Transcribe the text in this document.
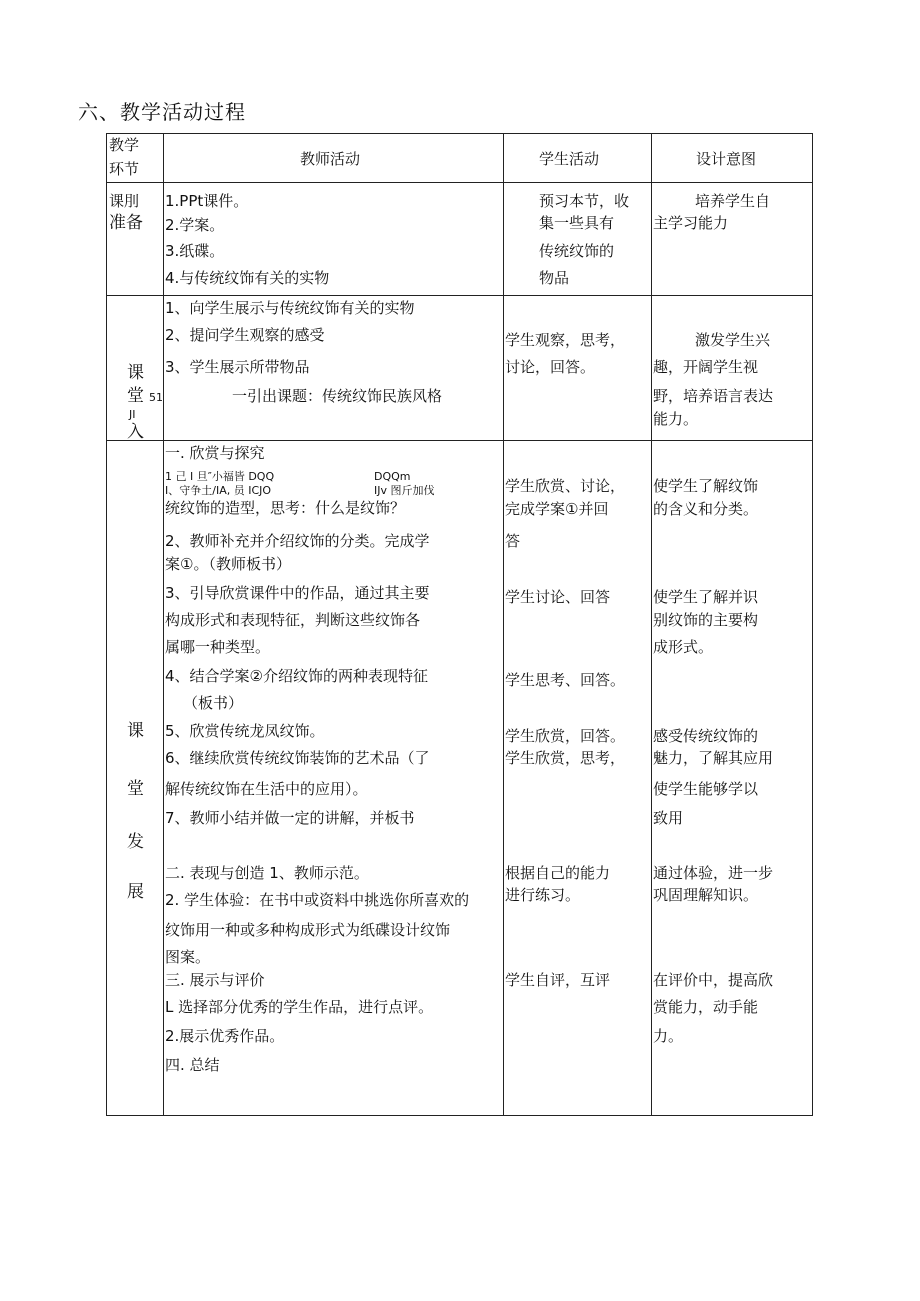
六、教学活动过程
教学
环节
教师活动	学生活动	设计意图
课刖
准备
1.PPt课件。
2.学案。
3.纸碟。
4.与传统纹饰有关的实物
预习本节，收
集一些具有
传统纹饰的
物品
培养学生自
主学习能力
课
堂 51
JI
入
1、向学生展示与传统纹饰有关的实物
2、提问学生观察的感受
3、学生展示所带物品
一引出课题：传统纹饰民族风格
学生观察，思考，
讨论，回答。
激发学生兴
趣，开阔学生视
野，培养语言表达
能力。
课
堂
发
展
一. 欣赏与探究
1 己 I 旦″小福皆 DQQ
I、守争土/IA, 员 ICJO
DQQm
IJv 图斤加伐
统纹饰的造型，思考：什么是纹饰？
2、教师补充并介绍纹饰的分类。完成学
案①。（教师板书）
3、引导欣赏课件中的作品，通过其主要
构成形式和表现特征，判断这些纹饰各
属哪一种类型。
4、结合学案②介绍纹饰的两种表现特征
（板书）
5、欣赏传统龙凤纹饰。
6、继续欣赏传统纹饰装饰的艺术品（了
解传统纹饰在生活中的应用）。
7、教师小结并做一定的讲解，并板书
二. 表现与创造 1、教师示范。
2. 学生体验：在书中或资料中挑选你所喜欢的
纹饰用一种或多种构成形式为纸碟设计纹饰
图案。
三. 展示与评价
L 选择部分优秀的学生作品，进行点评。
2.展示优秀作品。
四. 总结
学生欣赏、讨论，
完成学案①并回
答
学生讨论、回答
学生思考、回答。
学生欣赏，回答。
学生欣赏，思考，
根据自己的能力
进行练习。
学生自评，互评
使学生了解纹饰
的含义和分类。
使学生了解并识
别纹饰的主要构
成形式。
感受传统纹饰的
魅力，了解其应用
使学生能够学以
致用
通过体验，进一步
巩固理解知识。
在评价中，提高欣
赏能力，动手能
力。
